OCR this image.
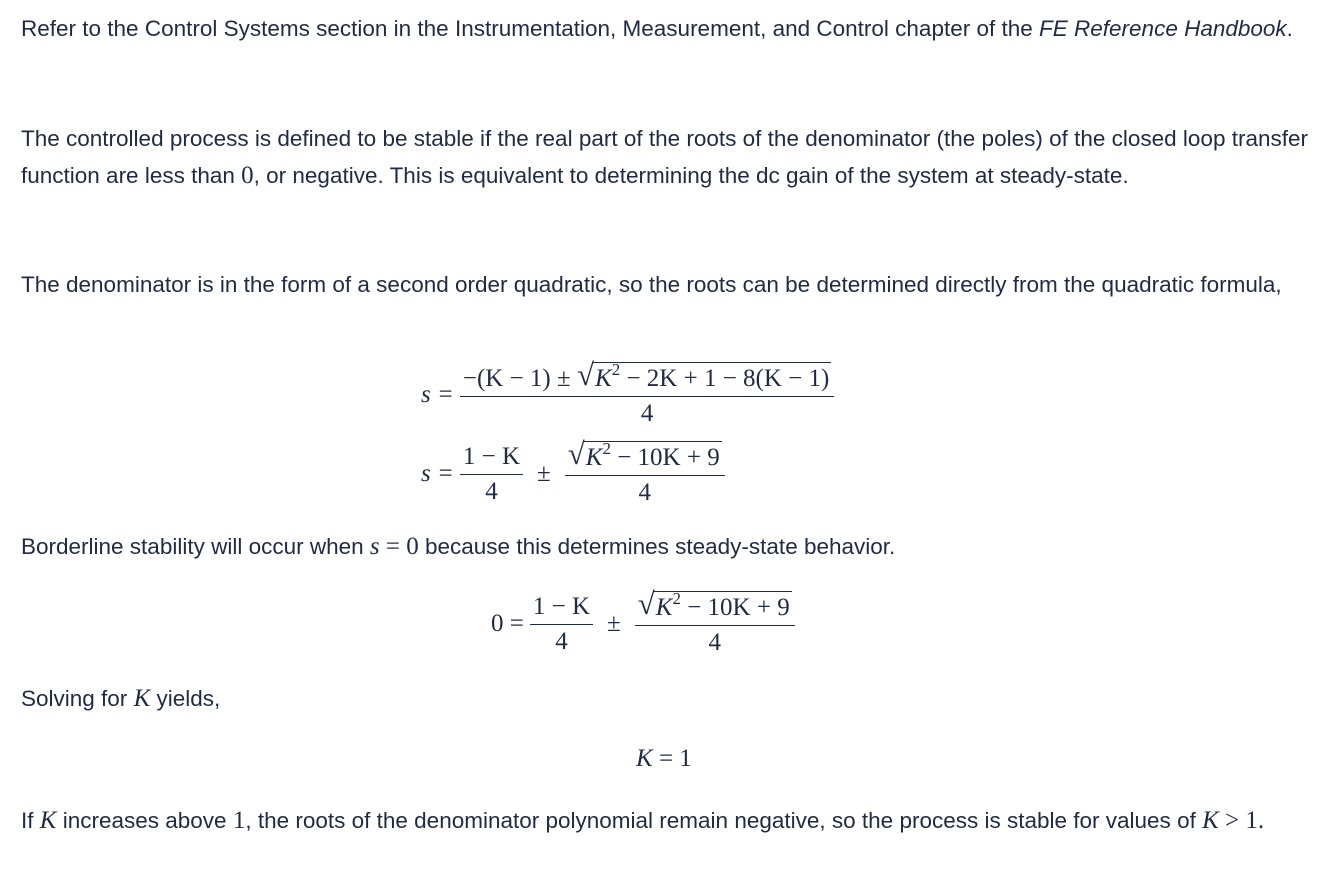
Refer to the Control Systems section in the Instrumentation, Measurement, and Control chapter of the FE Reference Handbook.

The controlled process is defined to be stable if the real part of the roots of the denominator (the poles) of the closed loop transfer function are less than 0, or negative. This is equivalent to determining the dc gain of the system at steady-state.

The denominator is in the form of a second order quadratic, so the roots can be determined directly from the quadratic formula,

s =
−(K − 1) ± √ $K^2 - 2K + 1 - 8(K - 1)$
4
$s = \frac{1 - K}{4} \pm \frac{√ K^2 - 10K + 9}{4}$

Borderline stability will occur when s = 0 because this determines steady-state behavior.

$0 = \frac{1 - K}{4} \pm \frac{√ K^2 - 10K + 9}{4}$

Solving for K yields,

K = 1

If K increases above 1, the roots of the denominator polynomial remain negative, so the process is stable for values of K > 1.
